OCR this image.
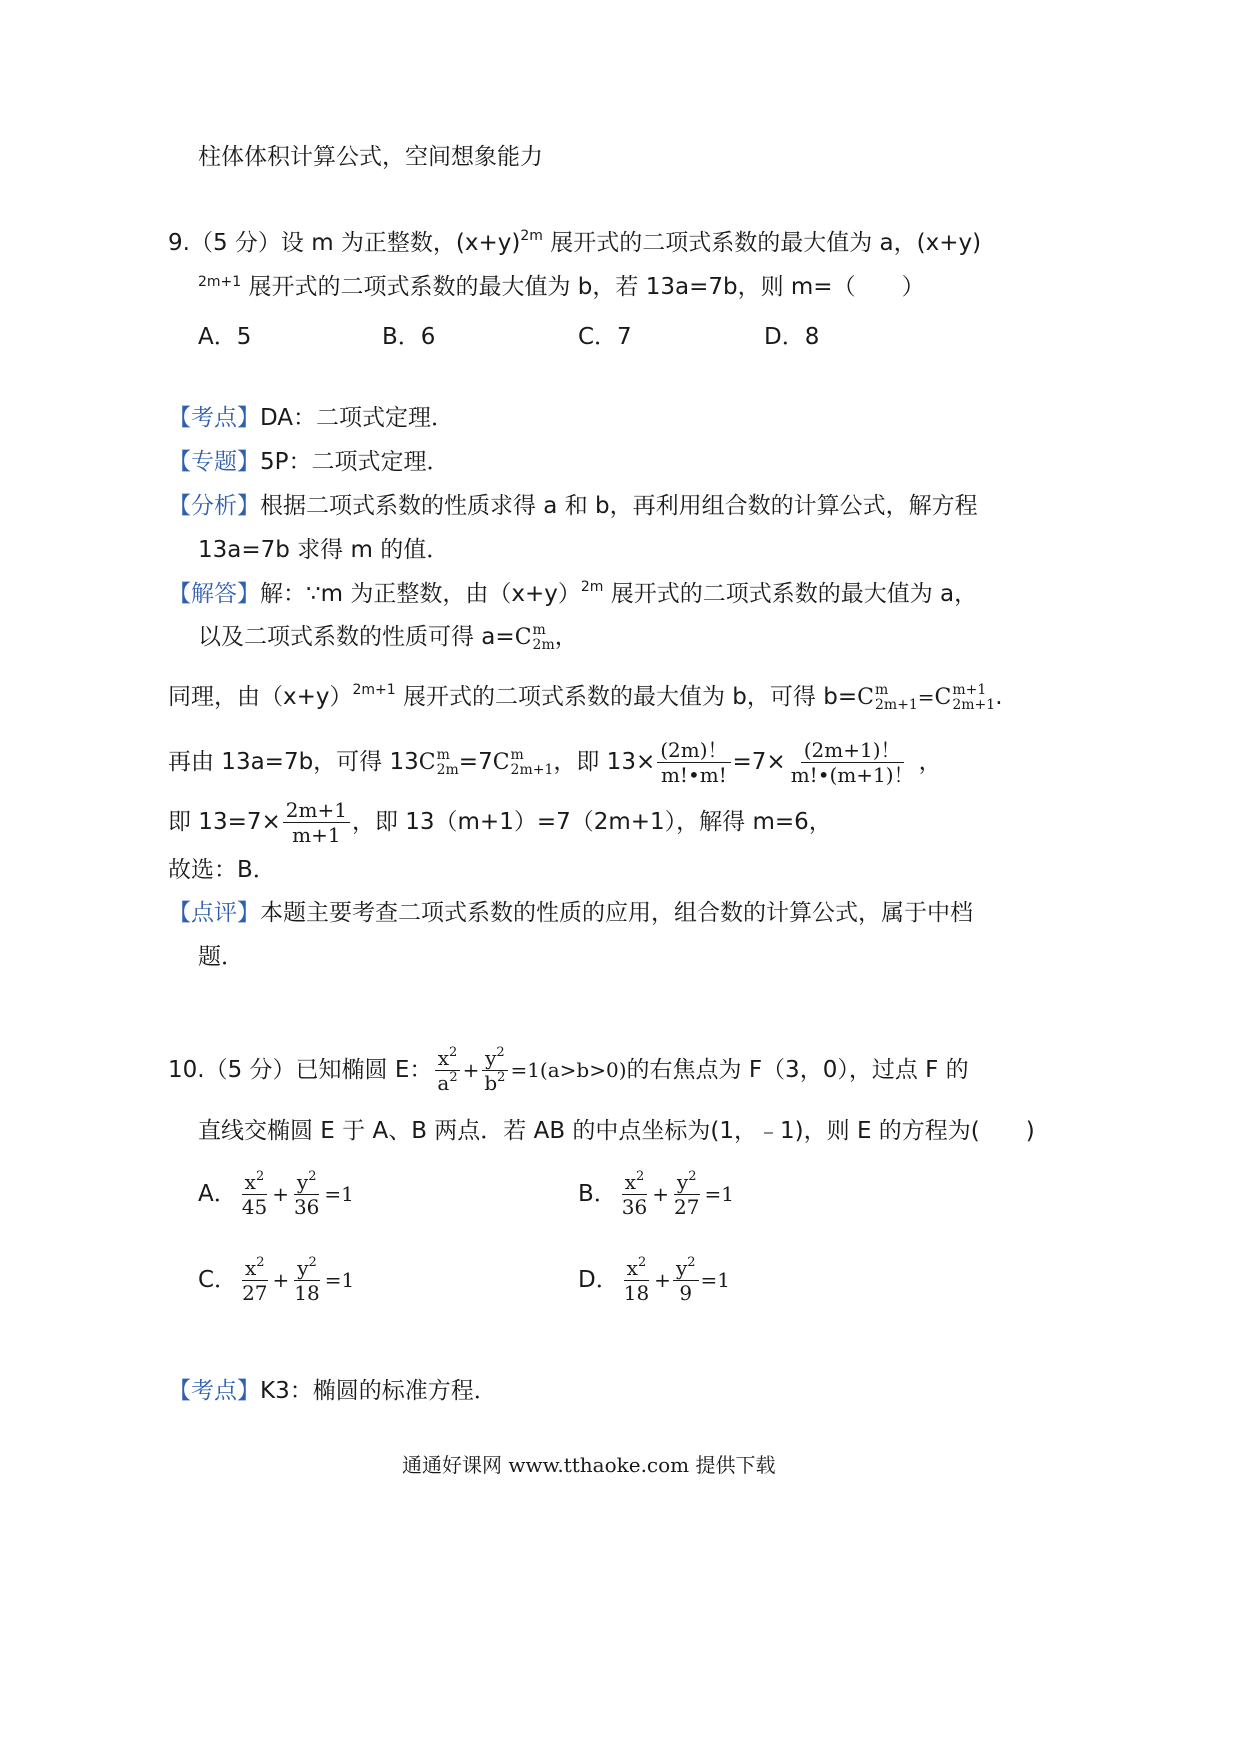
柱体体积计算公式，空间想象能力
9.（5 分）设 m 为正整数，$(x+y)^{2m}$ 展开式的二项式系数的最大值为 a，(x+y)
$^{2m+1}$ 展开式的二项式系数的最大值为 b，若 13a=7b，则 m=（　　）
A．5	B．6	C．7	D．8
【考点】DA：二项式定理．
【专题】5P：二项式定理．
【分析】根据二项式系数的性质求得 a 和 b，再利用组合数的计算公式，解方程
13a=7b 求得 m 的值．
【解答】解：∵m 为正整数，由$(x+y)^{2m}$ 展开式的二项式系数的最大值为 a，
以及二项式系数的性质可得 a= C m
2m ，
同理，由$(x+y)^{2m+1}$ 展开式的二项式系数的最大值为 b，可得 b= C m
2m+1 = C m+1
2m+1 .
再由 13a=7b，可得 13 C m
2m =7 C m
2m+1 ，即 $13\times \frac{(2m)!}{m!•m!} =7\times \frac{(2m+1)!}{m!•(m+1)!}$ ，
即 $13=7\times \frac{2m+1}{m+1}$ ，即 13（m+1）=7（2m+1），解得 m=6，
故选：B．
【点评】本题主要考查二项式系数的性质的应用，组合数的计算公式，属于中档
题．
10.（5 分）已知椭圆 E： $\frac{x^2}{a^2} + \frac{y^2}{b^2} =1(a>b>0)$的右焦点为 F（3，0），过点 F 的
直线交椭圆 E 于 A、B 两点．若 AB 的中点坐标为(1，﹣1)，则 E 的方程为(　　)
A． $\frac{x^2}{45} + \frac{y^2}{36} =1$	B． $\frac{x^2}{36} + \frac{y^2}{27} =1$
C． $\frac{x^2}{27} + \frac{y^2}{18} =1$	D． $\frac{x^2}{18} + \frac{y^2}{9} =1$
【考点】K3：椭圆的标准方程．
通通好课网 www.tthaoke.com 提供下载
